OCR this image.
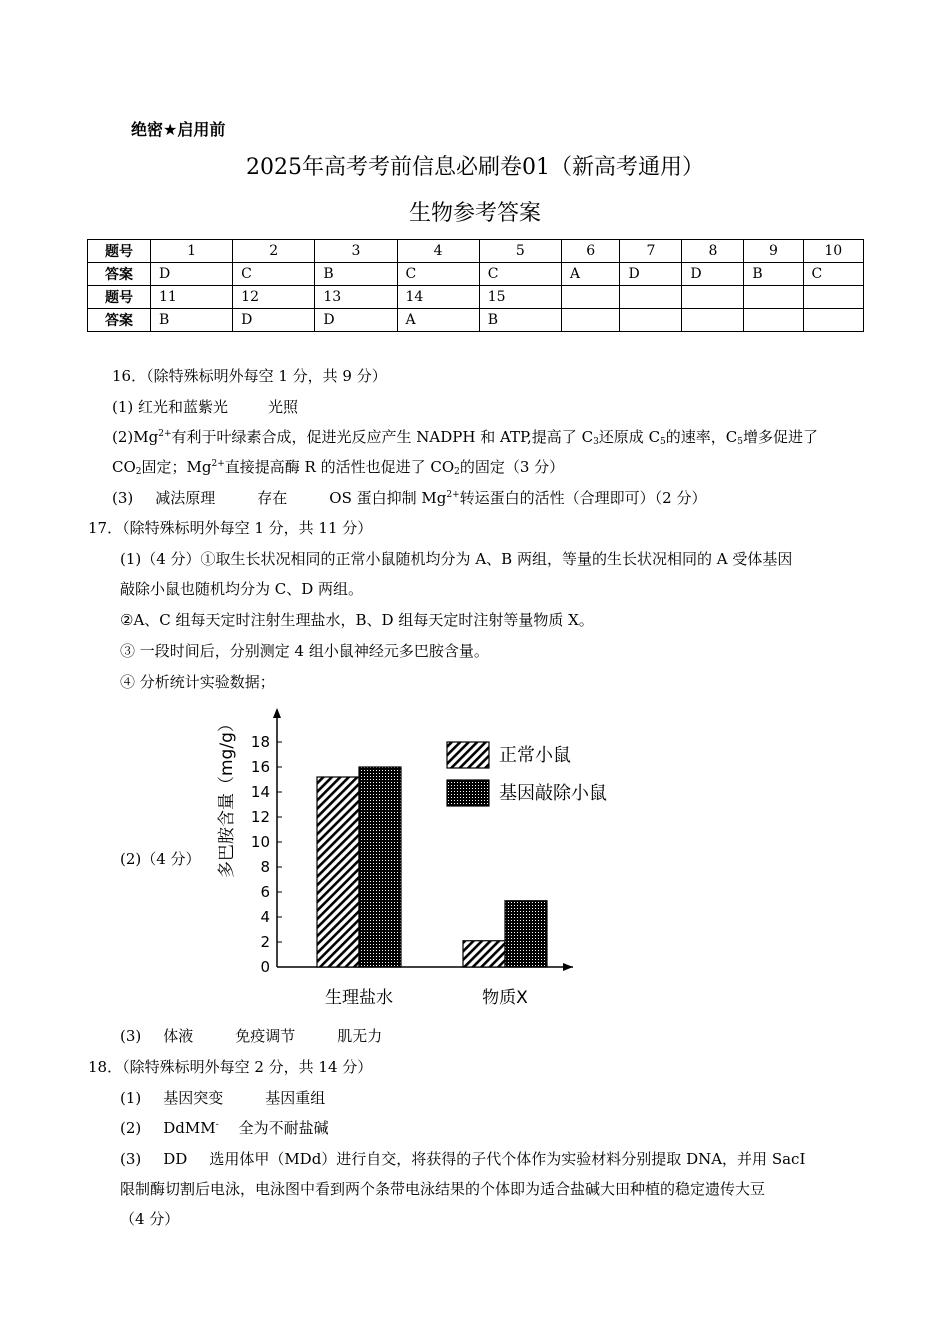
绝密★启用前
2025年高考考前信息必刷卷01（新高考通用）
生物参考答案
题号	1	2	3	4	5	6	7	8	9	10
答案	D	C	B	C	C	A	D	D	B	C
题号	11	12	13	14	15					
答案	B	D	D	A	B					
16．（除特殊标明外每空 1 分，共 9 分）
(1) 红光和蓝紫光	光照
$(2)Mg^{2+}$有利于叶绿素合成，促进光反应产生 NADPH 和 ATP,提高了 $C_3$还原成 $C_5$的速率，$C_5$增多促进了
$CO_2$固定；$Mg^{2+}$直接提高酶 R 的活性也促进了 $CO_2$的固定（3 分）
(3) 减法原理	存在	OS 蛋白抑制 $Mg^{2+}$转运蛋白的活性（合理即可）（2 分）
17．（除特殊标明外每空 1 分，共 11 分）
(1)（4 分）①取生长状况相同的正常小鼠随机均分为 A、B 两组，等量的生长状况相同的 A 受体基因
敲除小鼠也随机均分为 C、D 两组。
②A、C 组每天定时注射生理盐水，B、D 组每天定时注射等量物质 X。
③ 一段时间后，分别测定 4 组小鼠神经元多巴胺含量。
④ 分析统计实验数据；
(2)（4 分）
0
2
4
6
8
10
12
14
16
18
生理盐水	物质X
正常小鼠
基因敲除小鼠
多巴胺含量（mg/g）
(3) 体液	免疫调节	肌无力
18．（除特殊标明外每空 2 分，共 14 分）
(1) 基因突变	基因重组
(2) DdMM- 全为不耐盐碱
(3) DD 选用体甲（MDd）进行自交，将获得的子代个体作为实验材料分别提取 DNA，并用 SacⅠ
限制酶切割后电泳，电泳图中看到两个条带电泳结果的个体即为适合盐碱大田种植的稳定遗传大豆
（4 分）
